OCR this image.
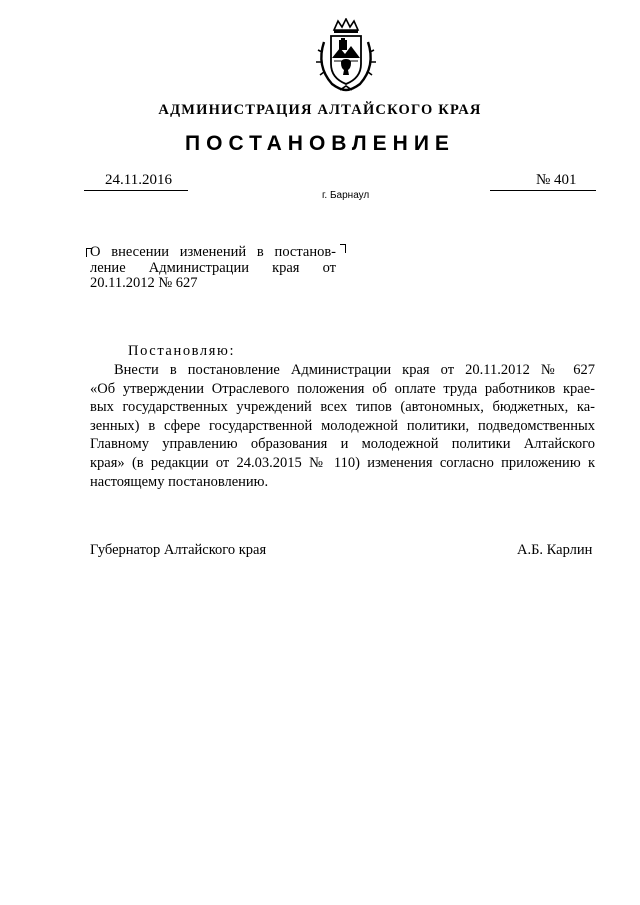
АДМИНИСТРАЦИЯ АЛТАЙСКОГО КРАЯ
ПОСТАНОВЛЕНИЕ
24.11.2016	№ 401
г. Барнаул
О внесении изменений в постанов-
ление Администрации края от
20.11.2012 № 627
Постановляю:
Внести в постановление Администрации края от 20.11.2012 № 627
«Об утверждении Отраслевого положения об оплате труда работников крае-
вых государственных учреждений всех типов (автономных, бюджетных, ка-
зенных) в сфере государственной молодежной политики, подведомственных
Главному управлению образования и молодежной политики Алтайского
края» (в редакции от 24.03.2015 № 110) изменения согласно приложению к
настоящему постановлению.
Губернатор Алтайского края	А.Б. Карлин
